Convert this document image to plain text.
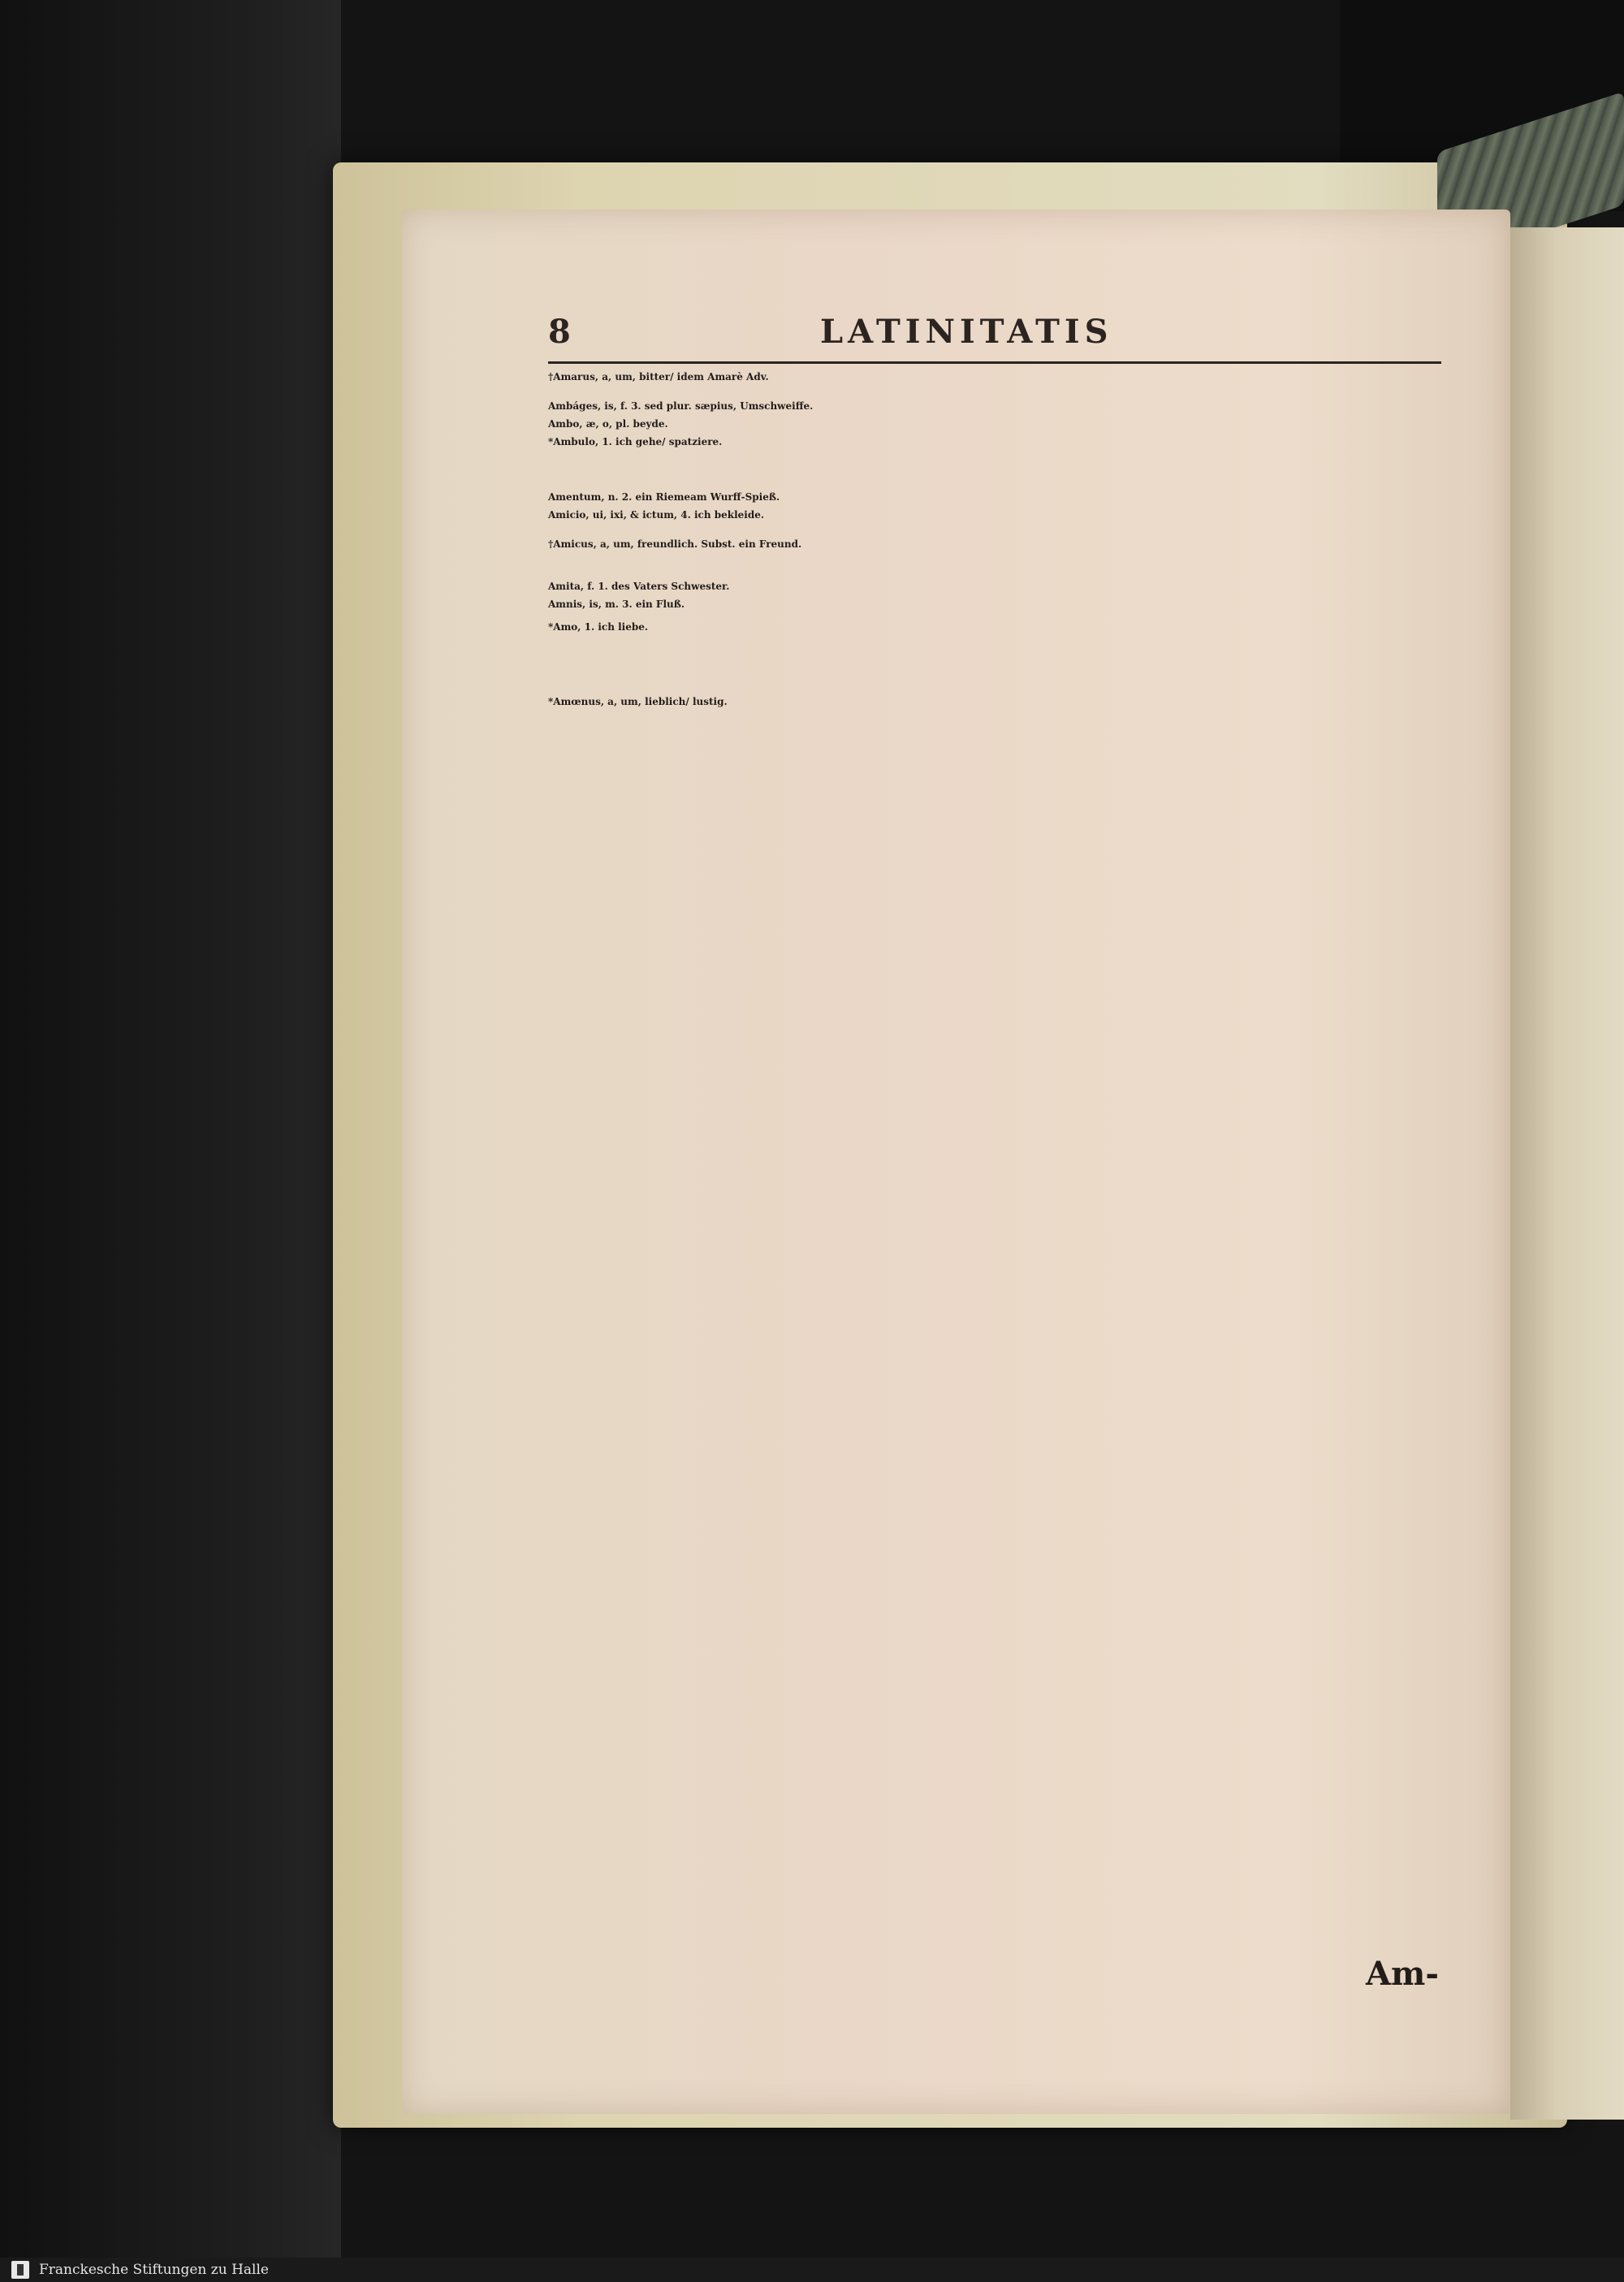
8	LATINITATIS
†Amarus, a, um, bitter/ idem Amarè Adv.
Ambáges, is, f. 3. sed plur. sæpius, Umschweiffe.
Ambo, æ, o, pl. beyde.
*Ambulo, 1. ich gehe/ spatziere.
Amentum, n. 2. ein Riemeam Wurff-Spieß.
Amicio, ui, ixi, & ictum, 4. ich bekleide.
†Amicus, a, um, freundlich. Subst. ein Freund.
Amita, f. 1. des Vaters Schwester.
Amnis, is, m. 3. ein Fluß.
*Amo, 1. ich liebe.
*Amœnus, a, um, lieblich/ lustig.
Am-
Franckesche Stiftungen zu Halle
